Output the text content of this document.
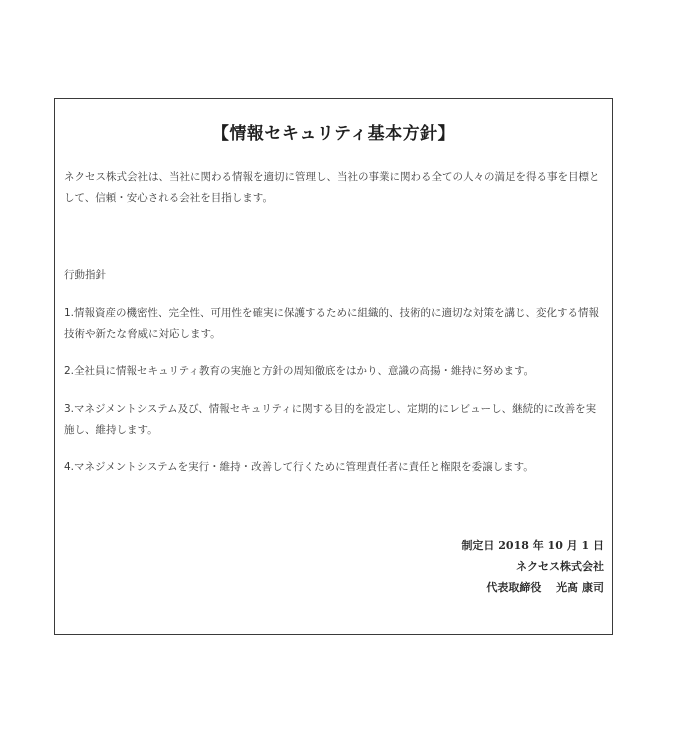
【情報セキュリティ基本方針】

ネクセス株式会社は、当社に関わる情報を適切に管理し、当社の事業に関わる全ての人々の満足を得る事を目標として、信頼・安心される会社を目指します。

行動指針

1.情報資産の機密性、完全性、可用性を確実に保護するために組織的、技術的に適切な対策を講じ、変化する情報技術や新たな脅威に対応します。

2.全社員に情報セキュリティ教育の実施と方針の周知徹底をはかり、意識の高揚・維持に努めます。

3.マネジメントシステム及び、情報セキュリティに関する目的を設定し、定期的にレビューし、継続的に改善を実施し、維持します。

4.マネジメントシステムを実行・維持・改善して行くために管理責任者に責任と権限を委譲します。

制定日 2018 年 10 月 1 日
ネクセス株式会社
代表取締役　 光髙 康司
